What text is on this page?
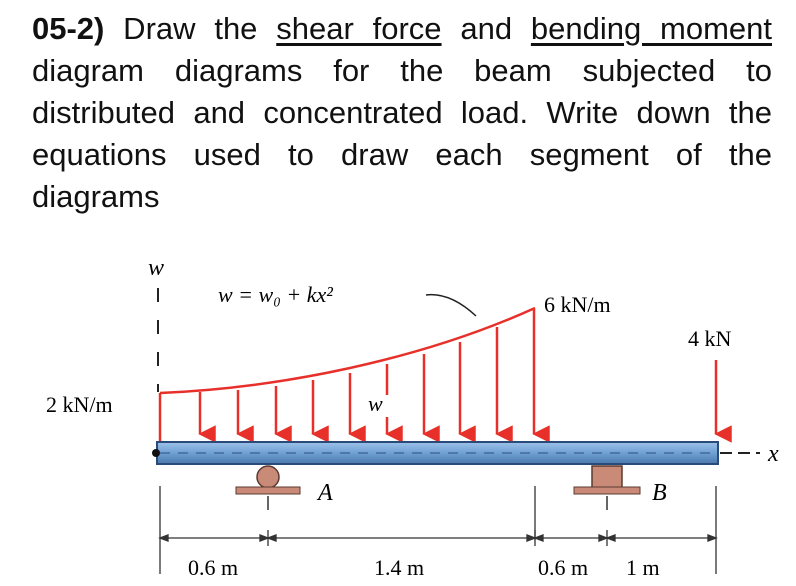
05-2) Draw the shear force and bending moment diagram diagrams for the beam subjected to distributed and concentrated load. Write down the equations used to draw each segment of the diagrams
w
w = w₀ + kx²
2 kN/m
6 kN/m
4 kN
w
x
A	B
0.6 m	1.4 m	0.6 m 1 m
